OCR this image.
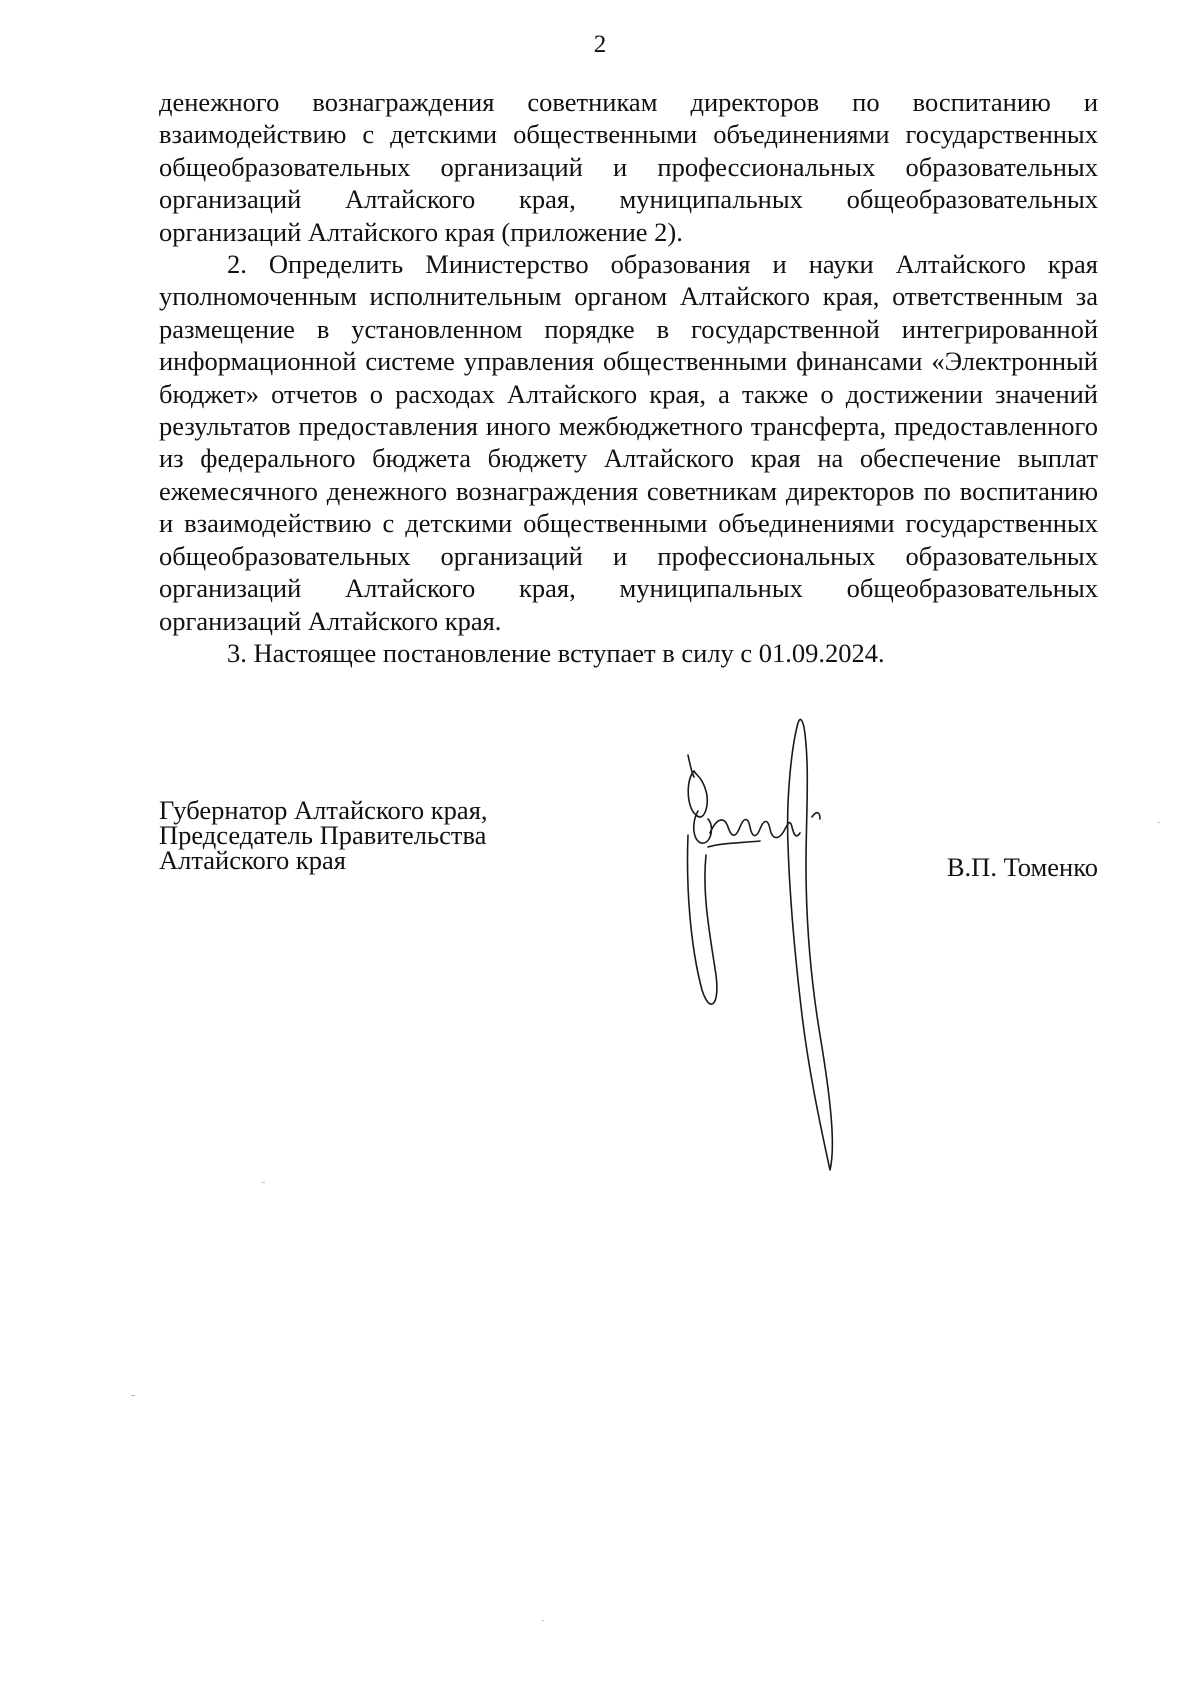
2

денежного вознаграждения советникам директоров по воспитанию и взаимодействию с детскими общественными объединениями государственных общеобразовательных организаций и профессиональных образовательных организаций Алтайского края, муниципальных общеобразовательных организаций Алтайского края (приложение 2).

2. Определить Министерство образования и науки Алтайского края уполномоченным исполнительным органом Алтайского края, ответственным за размещение в установленном порядке в государственной интегрированной информационной системе управления общественными финансами «Электронный бюджет» отчетов о расходах Алтайского края, а также о достижении значений результатов предоставления иного межбюджетного трансферта, предоставленного из федерального бюджета бюджету Алтайского края на обеспечение выплат ежемесячного денежного вознаграждения советникам директоров по воспитанию и взаимодействию с детскими общественными объединениями государственных общеобразовательных организаций и профессиональных образовательных организаций Алтайского края, муниципальных общеобразовательных организаций Алтайского края.

3. Настоящее постановление вступает в силу с 01.09.2024.

Губернатор Алтайского края,
Председатель Правительства
Алтайского края	В.П. Томенко
